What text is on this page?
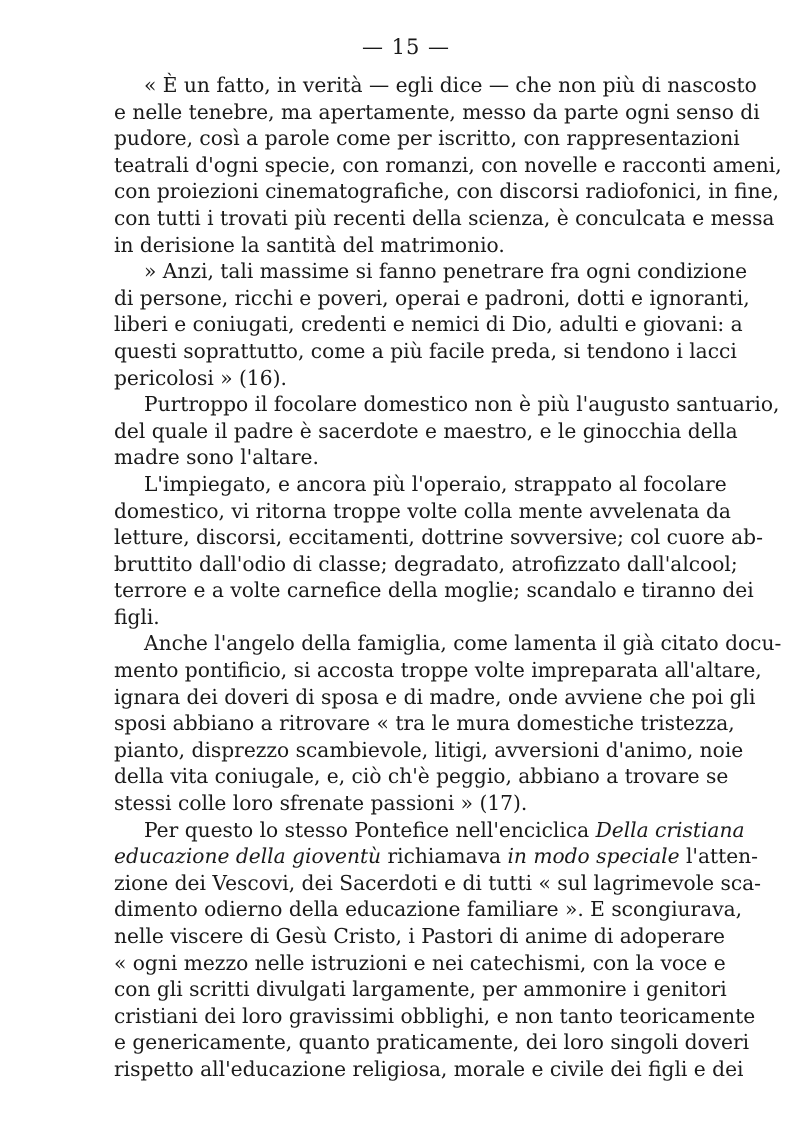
— 15 —
« È un fatto, in verità — egli dice — che non più di nascosto
e nelle tenebre, ma apertamente, messo da parte ogni senso di
pudore, così a parole come per iscritto, con rappresentazioni
teatrali d'ogni specie, con romanzi, con novelle e racconti ameni,
con proiezioni cinematografiche, con discorsi radiofonici, in fine,
con tutti i trovati più recenti della scienza, è conculcata e messa
in derisione la santità del matrimonio.
» Anzi, tali massime si fanno penetrare fra ogni condizione
di persone, ricchi e poveri, operai e padroni, dotti e ignoranti,
liberi e coniugati, credenti e nemici di Dio, adulti e giovani: a
questi soprattutto, come a più facile preda, si tendono i lacci
pericolosi » (16).
Purtroppo il focolare domestico non è più l'augusto santuario,
del quale il padre è sacerdote e maestro, e le ginocchia della
madre sono l'altare.
L'impiegato, e ancora più l'operaio, strappato al focolare
domestico, vi ritorna troppe volte colla mente avvelenata da
letture, discorsi, eccitamenti, dottrine sovversive; col cuore ab-
bruttito dall'odio di classe; degradato, atrofizzato dall'alcool;
terrore e a volte carnefice della moglie; scandalo e tiranno dei
figli.
Anche l'angelo della famiglia, come lamenta il già citato docu-
mento pontificio, si accosta troppe volte impreparata all'altare,
ignara dei doveri di sposa e di madre, onde avviene che poi gli
sposi abbiano a ritrovare « tra le mura domestiche tristezza,
pianto, disprezzo scambievole, litigi, avversioni d'animo, noie
della vita coniugale, e, ciò ch'è peggio, abbiano a trovare se
stessi colle loro sfrenate passioni » (17).
Per questo lo stesso Pontefice nell'enciclica Della cristiana
educazione della gioventù richiamava in modo speciale l'atten-
zione dei Vescovi, dei Sacerdoti e di tutti « sul lagrimevole sca-
dimento odierno della educazione familiare ». E scongiurava,
nelle viscere di Gesù Cristo, i Pastori di anime di adoperare
« ogni mezzo nelle istruzioni e nei catechismi, con la voce e
con gli scritti divulgati largamente, per ammonire i genitori
cristiani dei loro gravissimi obblighi, e non tanto teoricamente
e genericamente, quanto praticamente, dei loro singoli doveri
rispetto all'educazione religiosa, morale e civile dei figli e dei
